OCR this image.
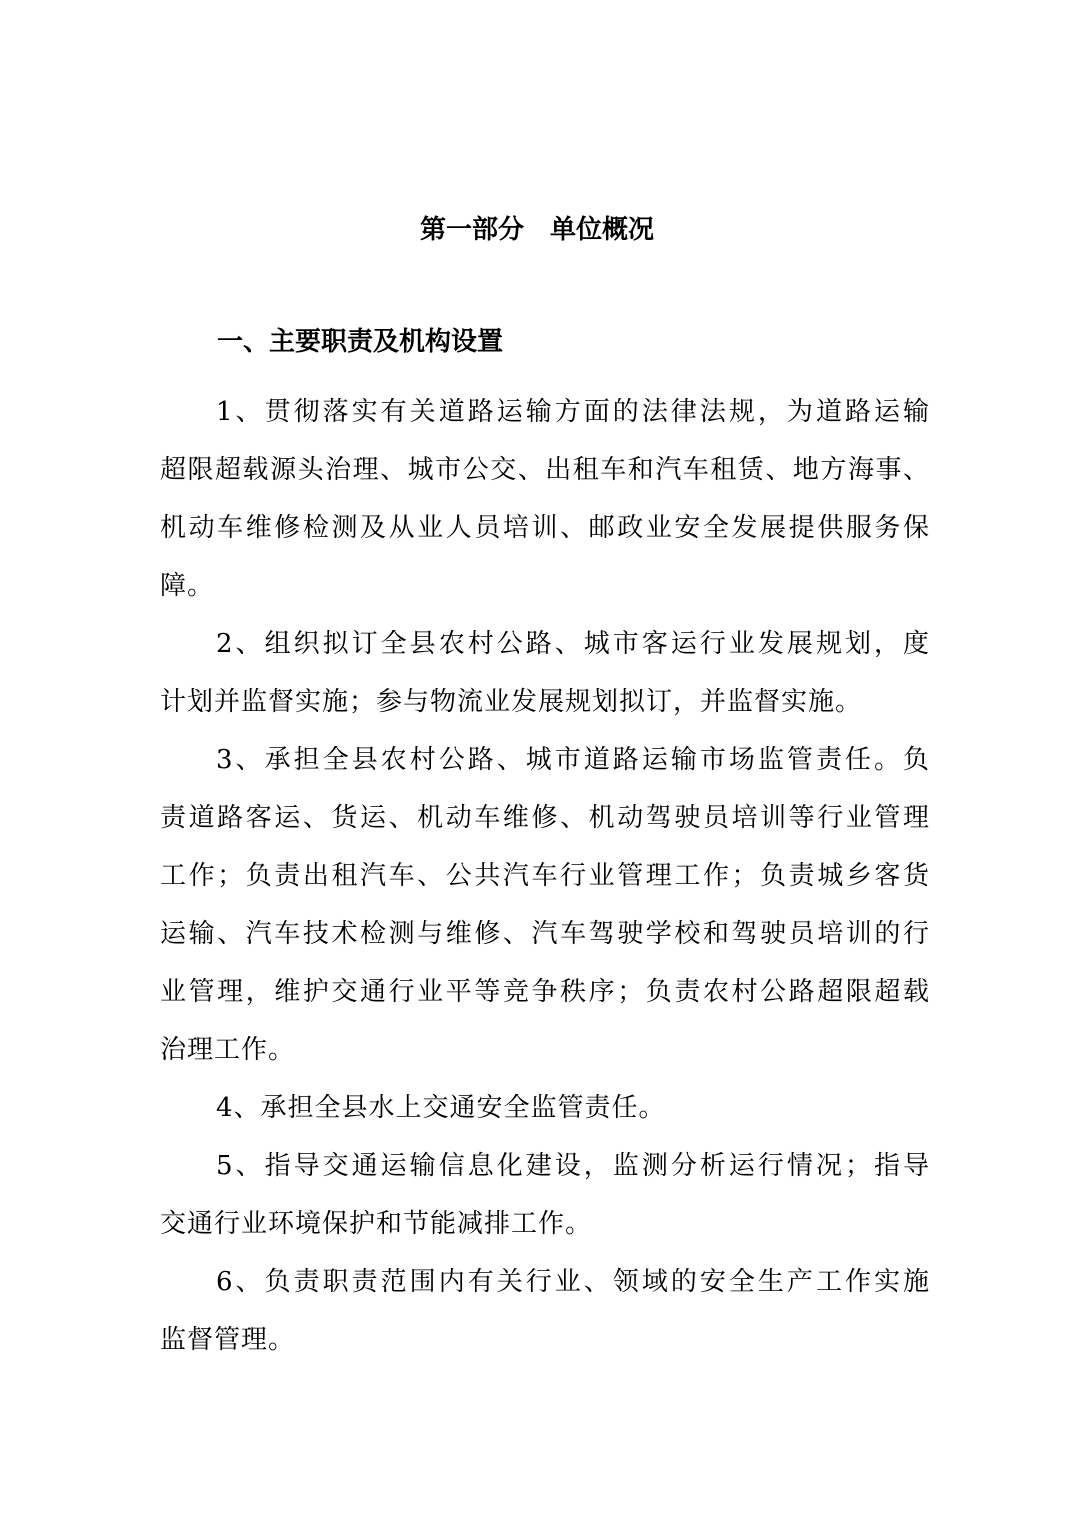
第一部分　单位概况
一、主要职责及机构设置

1、贯彻落实有关道路运输方面的法律法规，为道路运输
超限超载源头治理、城市公交、出租车和汽车租赁、地方海事、
机动车维修检测及从业人员培训、邮政业安全发展提供服务保
障。

2、组织拟订全县农村公路、城市客运行业发展规划，度
计划并监督实施；参与物流业发展规划拟订，并监督实施。

3、承担全县农村公路、城市道路运输市场监管责任。负
责道路客运、货运、机动车维修、机动驾驶员培训等行业管理
工作；负责出租汽车、公共汽车行业管理工作；负责城乡客货
运输、汽车技术检测与维修、汽车驾驶学校和驾驶员培训的行
业管理，维护交通行业平等竞争秩序；负责农村公路超限超载
治理工作。

4、承担全县水上交通安全监管责任。

5、指导交通运输信息化建设，监测分析运行情况；指导
交通行业环境保护和节能减排工作。

6、负责职责范围内有关行业、领域的安全生产工作实施
监督管理。
